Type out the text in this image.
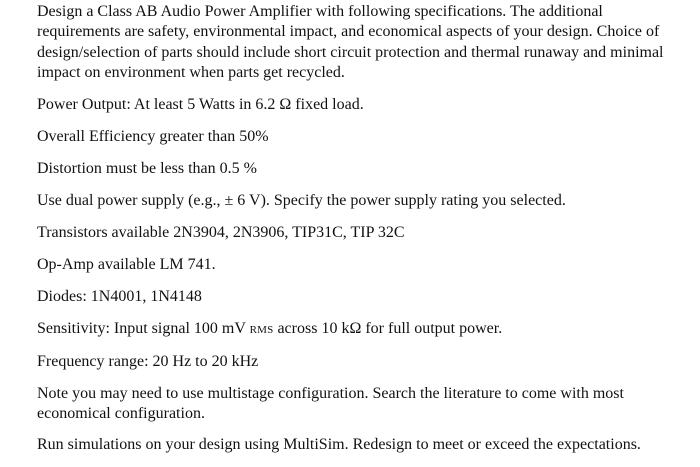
Design a Class AB Audio Power Amplifier with following specifications. The additional requirements are safety, environmental impact, and economical aspects of your design. Choice of design/selection of parts should include short circuit protection and thermal runaway and minimal impact on environment when parts get recycled.

Power Output: At least 5 Watts in 6.2 Ω fixed load.

Overall Efficiency greater than 50%

Distortion must be less than 0.5 %

Use dual power supply (e.g., ± 6 V). Specify the power supply rating you selected.

Transistors available 2N3904, 2N3906, TIP31C, TIP 32C

Op-Amp available LM 741.

Diodes: 1N4001, 1N4148

Sensitivity: Input signal 100 mV RMS across 10 kΩ for full output power.

Frequency range: 20 Hz to 20 kHz

Note you may need to use multistage configuration. Search the literature to come with most economical configuration.

Run simulations on your design using MultiSim. Redesign to meet or exceed the expectations.
